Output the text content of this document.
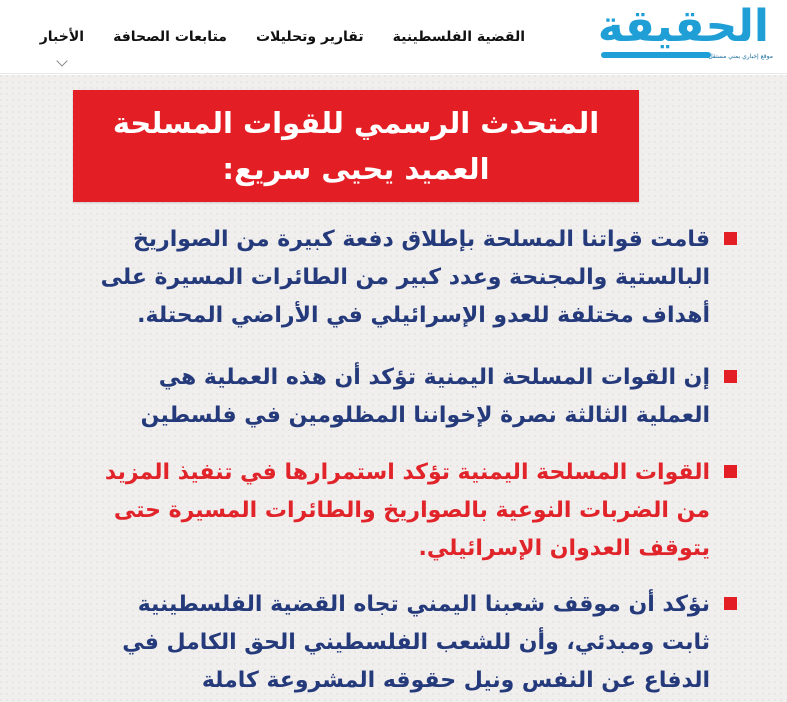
الحقيقة
موقع إخباري يمني مستقل
الأخبار متابعات الصحافة تقارير وتحليلات القضية الفلسطينية
المتحدث الرسمي للقوات المسلحة
العميد يحيى سريع:
قامت قواتنا المسلحة بإطلاق دفعة كبيرة من الصواريخ
البالستية والمجنحة وعدد كبير من الطائرات المسيرة على
أهداف مختلفة للعدو الإسرائيلي في الأراضي المحتلة.
إن القوات المسلحة اليمنية تؤكد أن هذه العملية هي
العملية الثالثة نصرة لإخواننا المظلومين في فلسطين
القوات المسلحة اليمنية تؤكد استمرارها في تنفيذ المزيد
من الضربات النوعية بالصواريخ والطائرات المسيرة حتى
يتوقف العدوان الإسرائيلي.
نؤكد أن موقف شعبنا اليمني تجاه القضية الفلسطينية
ثابت ومبدئي، وأن للشعب الفلسطيني الحق الكامل في
الدفاع عن النفس ونيل حقوقه المشروعة كاملة
